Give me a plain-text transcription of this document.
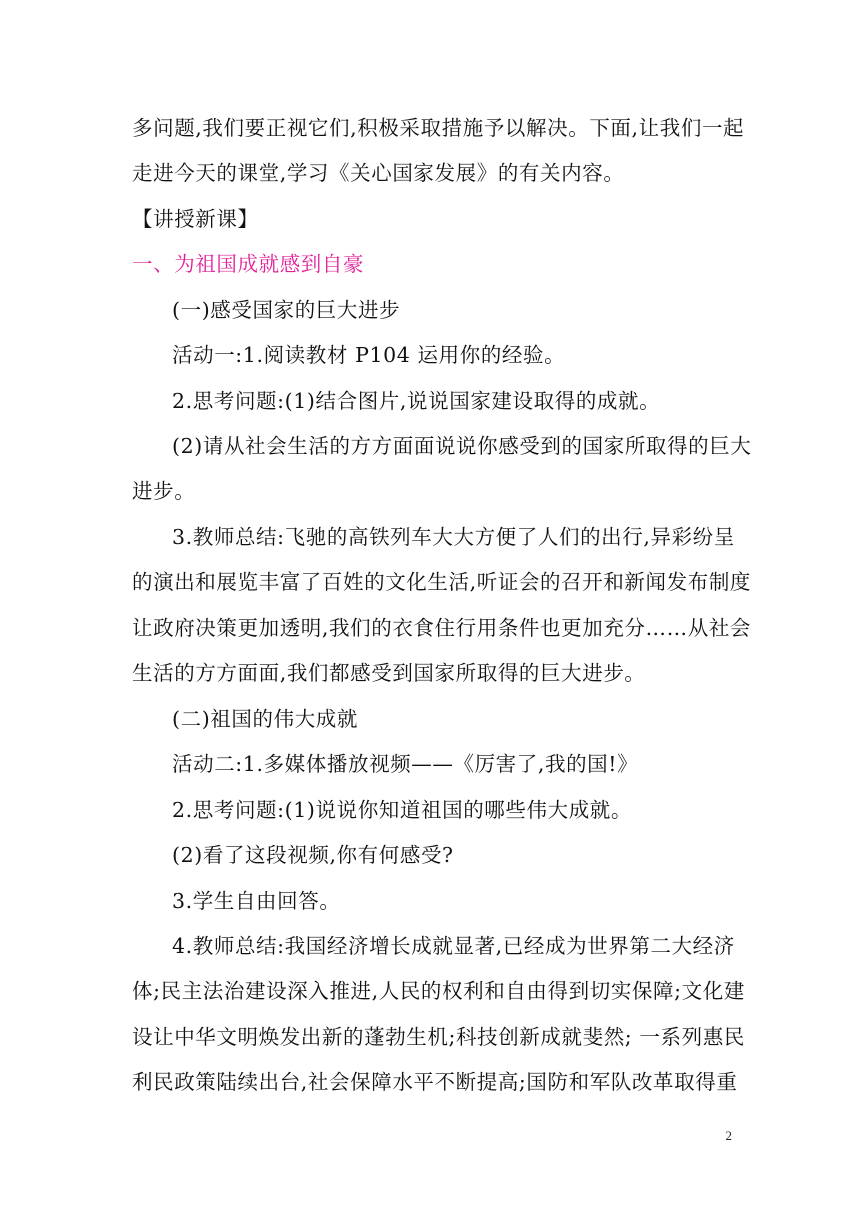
多问题,我们要正视它们,积极采取措施予以解决。下面,让我们一起
走进今天的课堂,学习《关心国家发展》的有关内容。
【讲授新课】
一、为祖国成就感到自豪
(一)感受国家的巨大进步
活动一:1.阅读教材 P104 运用你的经验。
2.思考问题:(1)结合图片,说说国家建设取得的成就。
(2)请从社会生活的方方面面说说你感受到的国家所取得的巨大
进步。
3.教师总结:飞驰的高铁列车大大方便了人们的出行,异彩纷呈
的演出和展览丰富了百姓的文化生活,听证会的召开和新闻发布制度
让政府决策更加透明,我们的衣食住行用条件也更加充分……从社会
生活的方方面面,我们都感受到国家所取得的巨大进步。
(二)祖国的伟大成就
活动二:1.多媒体播放视频——《厉害了,我的国!》
2.思考问题:(1)说说你知道祖国的哪些伟大成就。
(2)看了这段视频,你有何感受?
3.学生自由回答。
4.教师总结:我国经济增长成就显著,已经成为世界第二大经济
体;民主法治建设深入推进,人民的权利和自由得到切实保障;文化建
设让中华文明焕发出新的蓬勃生机;科技创新成就斐然; 一系列惠民
利民政策陆续出台,社会保障水平不断提高;国防和军队改革取得重
2
